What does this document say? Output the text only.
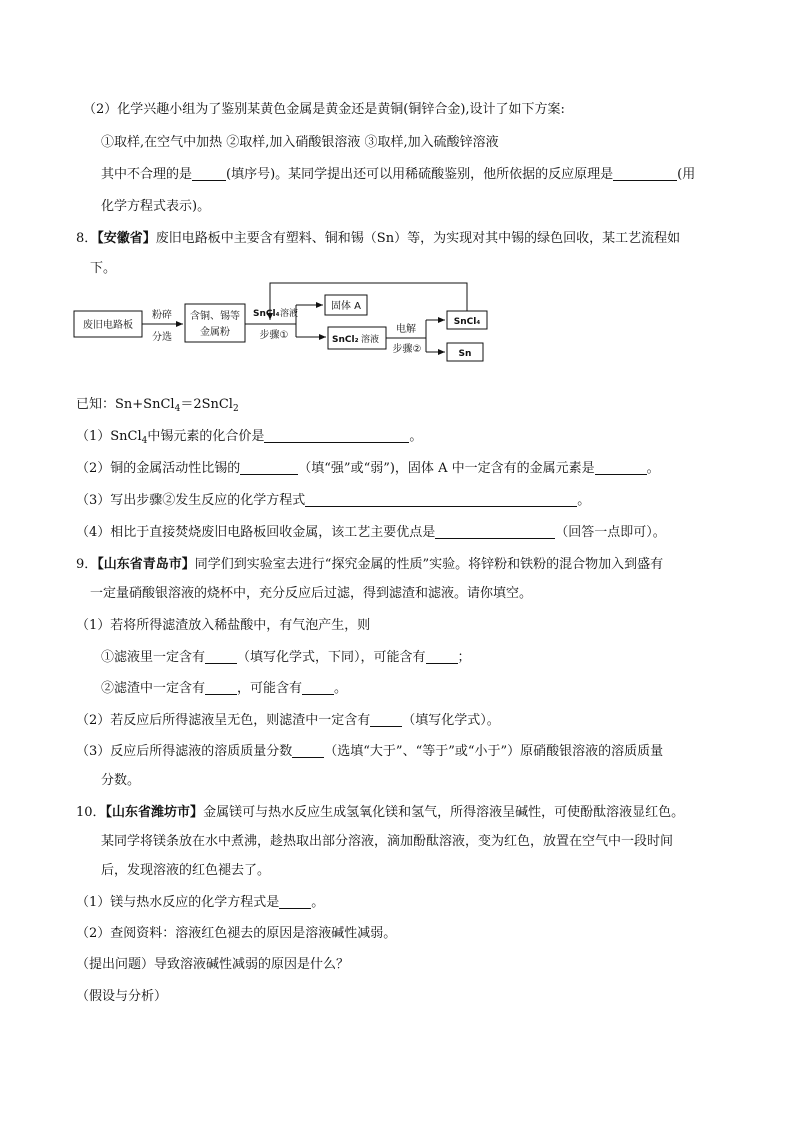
（2）化学兴趣小组为了鉴别某黄色金属是黄金还是黄铜(铜锌合金),设计了如下方案:
①取样,在空气中加热 ②取样,加入硝酸银溶液 ③取样,加入硫酸锌溶液
其中不合理的是	(填序号)。某同学提出还可以用稀硫酸鉴别，他所依据的反应原理是	(用
化学方程式表示)。
8．【安徽省】废旧电路板中主要含有塑料、铜和锡（Sn）等，为实现对其中锡的绿色回收，某工艺流程如
下。
废旧电路板
粉碎
分选
含铜、锡等
金属粉
SnCl₄ 溶液
步骤①
固体 A
SnCl₂ 溶液
电解
步骤②
SnCl₄
Sn
已知：Sn+SnCl$_4$＝2SnCl$_2$
（1）SnCl$_4$中锡元素的化合价是	。
（2）铜的金属活动性比锡的	（填“强”或“弱”)，固体 A 中一定含有的金属元素是	。
（3）写出步骤②发生反应的化学方程式	。
（4）相比于直接焚烧废旧电路板回收金属，该工艺主要优点是	（回答一点即可）。
9．【山东省青岛市】同学们到实验室去进行“探究金属的性质”实验。将锌粉和铁粉的混合物加入到盛有
一定量硝酸银溶液的烧杯中，充分反应后过滤，得到滤渣和滤液。请你填空。
（1）若将所得滤渣放入稀盐酸中，有气泡产生，则
①滤液里一定含有 （填写化学式，下同），可能含有 ；
②滤渣中一定含有 ，可能含有 。
（2）若反应后所得滤液呈无色，则滤渣中一定含有 （填写化学式）。
（3）反应后所得滤液的溶质质量分数 （选填“大于”、“等于”或“小于”）原硝酸银溶液的溶质质量
分数。
10．【山东省潍坊市】金属镁可与热水反应生成氢氧化镁和氢气，所得溶液呈碱性，可使酚酞溶液显红色。
某同学将镁条放在水中煮沸，趁热取出部分溶液，滴加酚酞溶液，变为红色，放置在空气中一段时间
后，发现溶液的红色褪去了。
（1）镁与热水反应的化学方程式是 。
（2）查阅资料：溶液红色褪去的原因是溶液碱性减弱。
（提出问题）导致溶液碱性减弱的原因是什么？
（假设与分析）
